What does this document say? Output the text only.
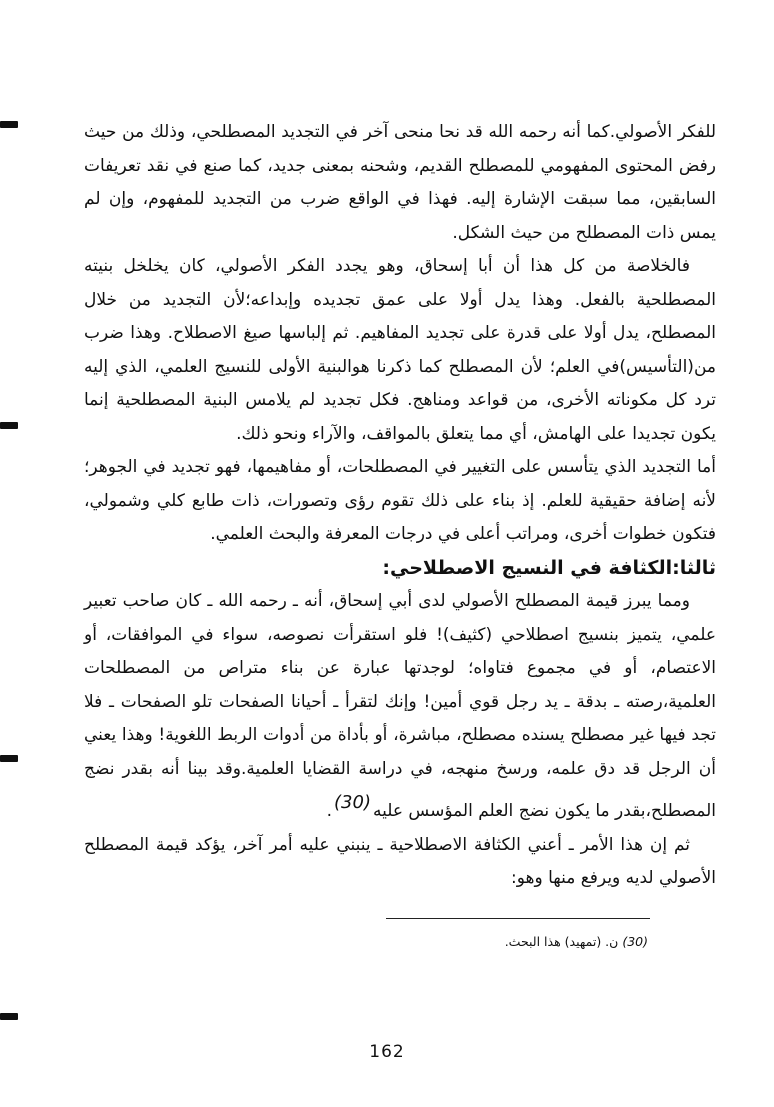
للفكر الأصولي.كما أنه رحمه الله قد نحا منحى آخر في التجديد المصطلحي، وذلك من حيث رفض المحتوى المفهومي للمصطلح القديم، وشحنه بمعنى جديد، كما صنع في نقد تعريفات السابقين، مما سبقت الإشارة إليه. فهذا في الواقع ضرب من التجديد للمفهوم، وإن لم يمس ذات المصطلح من حيث الشكل.

فالخلاصة من كل هذا أن أبا إسحاق، وهو يجدد الفكر الأصولي، كان يخلخل بنيته المصطلحية بالفعل. وهذا يدل أولا على عمق تجديده وإبداعه؛لأن التجديد من خلال المصطلح، يدل أولا على قدرة على تجديد المفاهيم. ثم إلباسها صيغ الاصطلاح. وهذا ضرب من(التأسيس)في العلم؛ لأن المصطلح كما ذكرنا هوالبنية الأولى للنسيج العلمي، الذي إليه ترد كل مكوناته الأخرى، من قواعد ومناهج. فكل تجديد لم يلامس البنية المصطلحية إنما يكون تجديدا على الهامش، أي مما يتعلق بالمواقف، والآراء ونحو ذلك.

أما التجديد الذي يتأسس على التغيير في المصطلحات، أو مفاهيمها، فهو تجديد في الجوهر؛ لأنه إضافة حقيقية للعلم. إذ بناء على ذلك تقوم رؤى وتصورات، ذات طابع كلي وشمولي، فتكون خطوات أخرى، ومراتب أعلى في درجات المعرفة والبحث العلمي.

ثالثا:الكثافة في النسيج الاصطلاحي:

ومما يبرز قيمة المصطلح الأصولي لدى أبي إسحاق، أنه ـ رحمه الله ـ كان صاحب تعبير علمي، يتميز بنسيج اصطلاحي (كثيف)! فلو استقرأت نصوصه، سواء في الموافقات، أو الاعتصام، أو في مجموع فتاواه؛ لوجدتها عبارة عن بناء متراص من المصطلحات العلمية،رصته ـ بدقة ـ يد رجل قوي أمين! وإنك لتقرأ ـ أحيانا الصفحات تلو الصفحات ـ فلا تجد فيها غير مصطلح يسنده مصطلح، مباشرة، أو بأداة من أدوات الربط اللغوية! وهذا يعني أن الرجل قد دق علمه، ورسخ منهجه، في دراسة القضايا العلمية.وقد بينا أنه بقدر نضج المصطلح،بقدر ما يكون نضج العلم المؤسس عليه(30).

ثم إن هذا الأمر ـ أعني الكثافة الاصطلاحية ـ ينبني عليه أمر آخر، يؤكد قيمة المصطلح الأصولي لديه ويرفع منها وهو:

(30) ن. (تمهيد) هذا البحث.
162
